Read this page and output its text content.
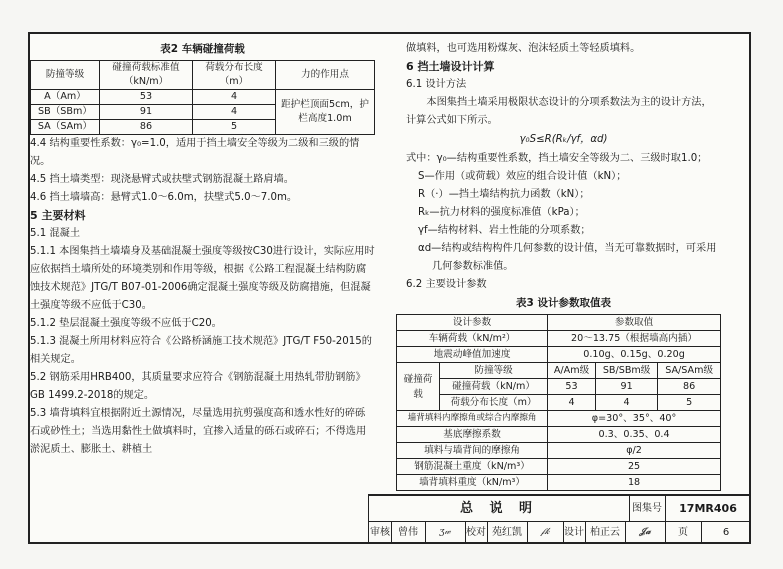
表2 车辆碰撞荷载

防撞等级	碰撞荷载标准值（kN/m）	荷载分布长度（m）	力的作用点
A（Am）	53	4	距护栏顶面5cm，护栏高度1.0m
SB（SBm）	91	4	
SA（SAm）	86	5	

4.4 结构重要性系数：γ₀=1.0，适用于挡土墙安全等级为二级和三级的情况。

4.5 挡土墙类型：现浇悬臂式或扶壁式钢筋混凝土路肩墙。

4.6 挡土墙墙高：悬臂式1.0～6.0m，扶壁式5.0～7.0m。

5 主要材料

5.1 混凝土

5.1.1 本图集挡土墙墙身及基础混凝土强度等级按C30进行设计，实际应用时应依据挡土墙所处的环境类别和作用等级，根据《公路工程混凝土结构防腐蚀技术规范》JTG/T B07-01-2006确定混凝土强度等级及防腐措施，但混凝土强度等级不应低于C30。

5.1.2 垫层混凝土强度等级不应低于C20。

5.1.3 混凝土所用材料应符合《公路桥涵施工技术规范》JTG/T F50-2015的相关规定。

5.2 钢筋采用HRB400，其质量要求应符合《钢筋混凝土用热轧带肋钢筋》GB 1499.2-2018的规定。

5.3 墙背填料宜根据附近土源情况，尽量选用抗剪强度高和透水性好的碎砾石或砂性土；当选用黏性土做填料时，宜掺入适量的砾石或碎石；不得选用淤泥质土、膨胀土、耕植土

做填料，也可选用粉煤灰、泡沫轻质土等轻质填料。

6 挡土墙设计计算

6.1 设计方法

本图集挡土墙采用极限状态设计的分项系数法为主的设计方法，计算公式如下所示。

γ₀S≤R(Rₖ/γf，αd)

式中：γ₀—结构重要性系数，挡土墙安全等级为二、三级时取1.0；

S—作用（或荷载）效应的组合设计值（kN）；

R（·）—挡土墙结构抗力函数（kN）；

Rₖ—抗力材料的强度标准值（kPa）；

γf—结构材料、岩土性能的分项系数；

αd—结构或结构构件几何参数的设计值，当无可靠数据时，可采用几何参数标准值。

6.2 主要设计参数

表3 设计参数取值表

设计参数		参数取值		
车辆荷载（kN/m²）		20～13.75（根据墙高内插）		
地震动峰值加速度		0.10g、0.15g、0.20g		
碰撞荷载	防撞等级	A/Am级	SB/SBm级	SA/SAm级
	碰撞荷载（kN/m）	53	91	86
	荷载分布长度（m）	4	4	5
墙背填料内摩擦角或综合内摩擦角		φ=30°、35°、40°		
基底摩擦系数		0.3、0.35、0.4		
填料与墙背间的摩擦角		φ/2		
钢筋混凝土重度（kN/m³）		25		
墙背填料重度（kN/m³）		18		
总 说 明	图集号	17MR406
审核 曾伟	ʒ𝓌	校对 苑红凯	𝒻𝓀	设计 柏正云	𝒥𝒶	页	6
